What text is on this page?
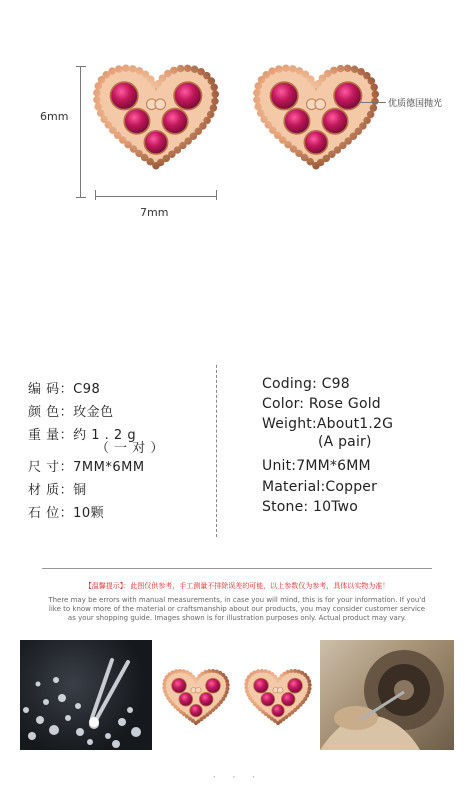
6mm
7mm
优质德国抛光
编 码：C98
颜 色：玫金色
重 量：约 1 . 2 g
（ 一 对 ）
尺 寸：7MM*6MM
材 质：铜
石 位：10颗
Coding: C98
Color: Rose Gold
Weight:About1.2G
(A pair)
Unit:7MM*6MM
Material:Copper
Stone: 10Two
【温馨提示】：此图仅供参考，手工测量不排除误差的可能，以上参数仅为参考，具体以实物为准！
There may be errors with manual measurements, in case you will mind, this is for your information. If you'd
like to know more of the material or craftsmanship about our products, you may consider customer service
as your shopping guide. Images shown is for illustration purposes only. Actual product may vary.
· · ·
